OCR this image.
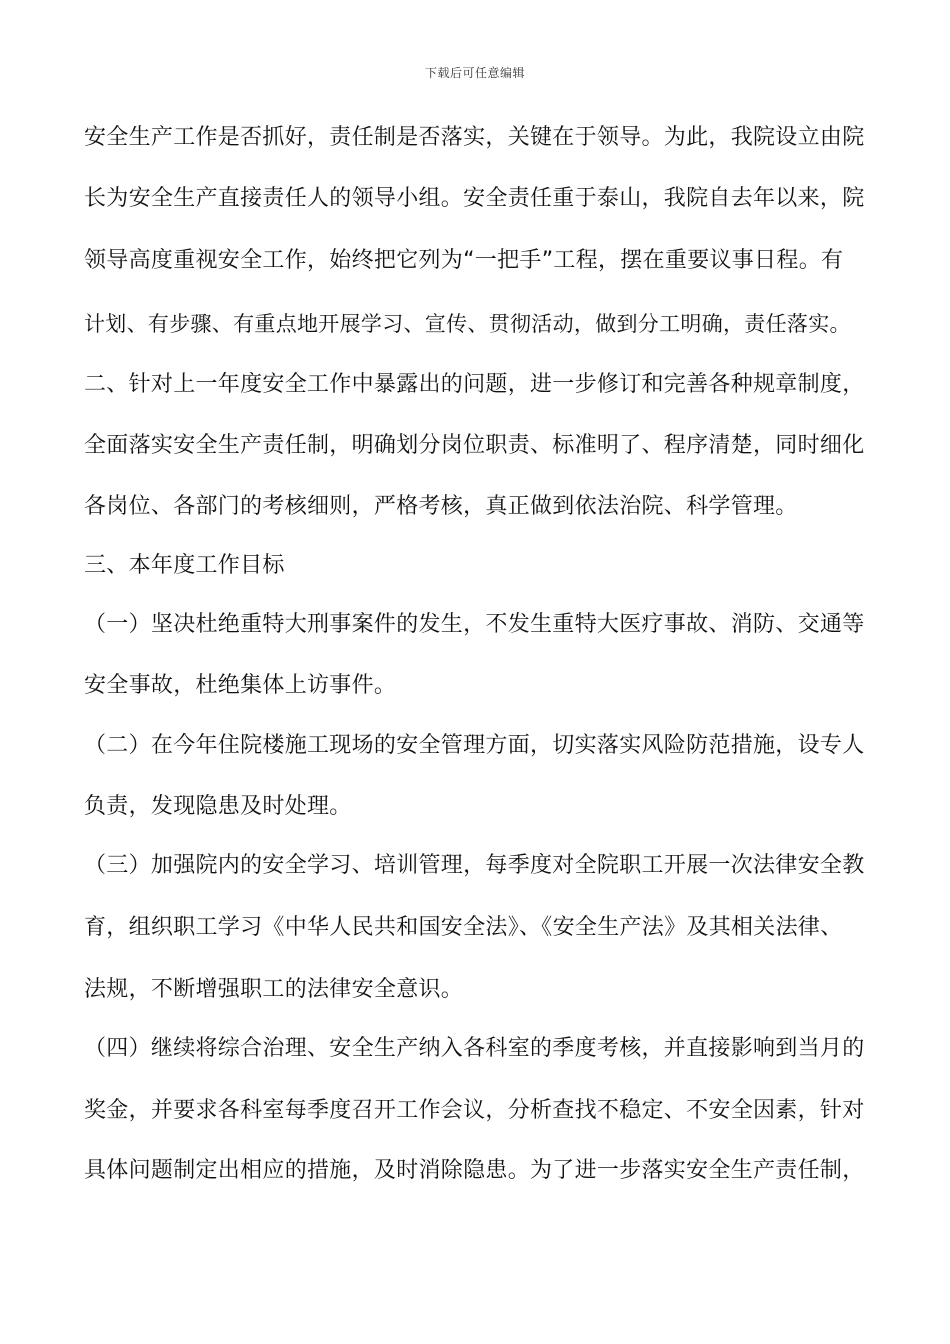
下载后可任意编辑
安全生产工作是否抓好，责任制是否落实，关键在于领导。为此，我院设立由院
长为安全生产直接责任人的领导小组。安全责任重于泰山，我院自去年以来，院
领导高度重视安全工作，始终把它列为“一把手”工程，摆在重要议事日程。有
计划、有步骤、有重点地开展学习、宣传、贯彻活动，做到分工明确，责任落实。
二、针对上一年度安全工作中暴露出的问题，进一步修订和完善各种规章制度，
全面落实安全生产责任制，明确划分岗位职责、标准明了、程序清楚，同时细化
各岗位、各部门的考核细则，严格考核，真正做到依法治院、科学管理。
三、本年度工作目标
（一）坚决杜绝重特大刑事案件的发生，不发生重特大医疗事故、消防、交通等
安全事故，杜绝集体上访事件。
（二）在今年住院楼施工现场的安全管理方面，切实落实风险防范措施，设专人
负责，发现隐患及时处理。
（三）加强院内的安全学习、培训管理，每季度对全院职工开展一次法律安全教
育，组织职工学习《中华人民共和国安全法》、《安全生产法》及其相关法律、
法规，不断增强职工的法律安全意识。
（四）继续将综合治理、安全生产纳入各科室的季度考核，并直接影响到当月的
奖金，并要求各科室每季度召开工作会议，分析查找不稳定、不安全因素，针对
具体问题制定出相应的措施，及时消除隐患。为了进一步落实安全生产责任制，
